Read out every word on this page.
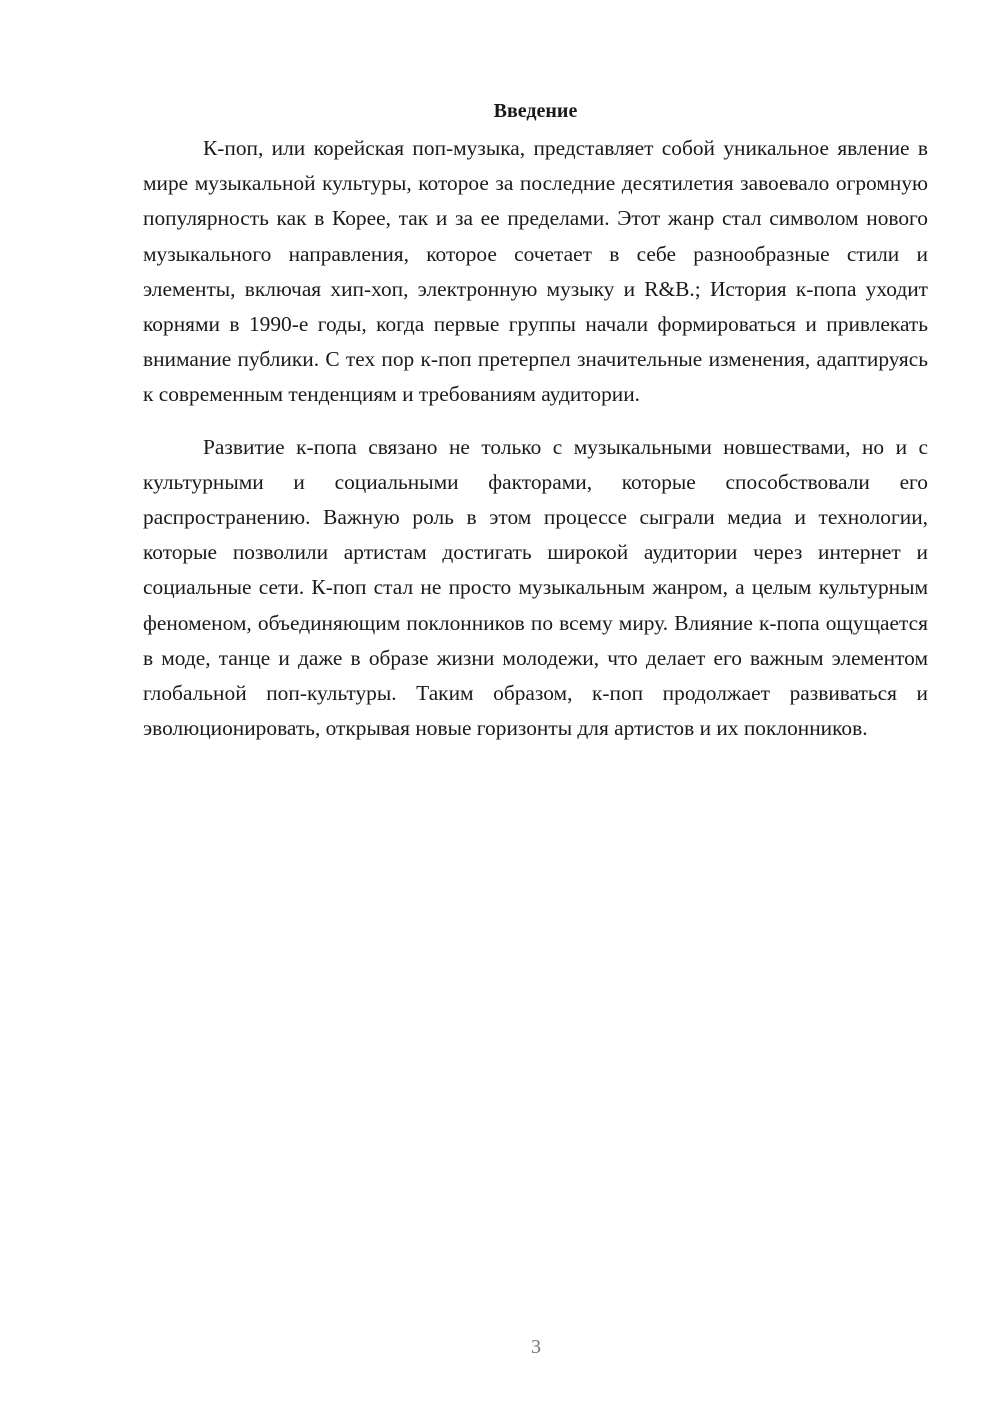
Введение

К-поп, или корейская поп-музыка, представляет собой уникальное явление в мире музыкальной культуры, которое за последние десятилетия завоевало огромную популярность как в Корее, так и за ее пределами. Этот жанр стал символом нового музыкального направления, которое сочетает в себе разнообразные стили и элементы, включая хип-хоп, электронную музыку и R&B.; История к-попа уходит корнями в 1990-е годы, когда первые группы начали формироваться и привлекать внимание публики. С тех пор к-поп претерпел значительные изменения, адаптируясь к современным тенденциям и требованиям аудитории.

Развитие к-попа связано не только с музыкальными новшествами, но и с культурными и социальными факторами, которые способствовали его распространению. Важную роль в этом процессе сыграли медиа и технологии, которые позволили артистам достигать широкой аудитории через интернет и социальные сети. К-поп стал не просто музыкальным жанром, а целым культурным феноменом, объединяющим поклонников по всему миру. Влияние к-попа ощущается в моде, танце и даже в образе жизни молодежи, что делает его важным элементом глобальной поп-культуры. Таким образом, к-поп продолжает развиваться и эволюционировать, открывая новые горизонты для артистов и их поклонников.

3
